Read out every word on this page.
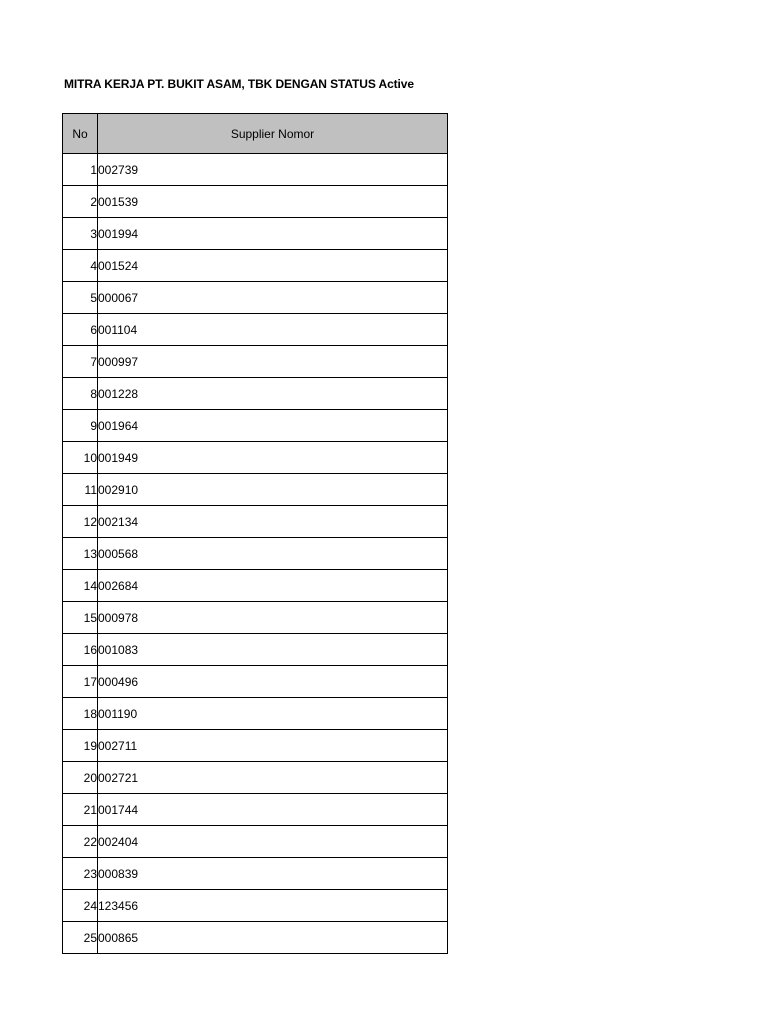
MITRA KERJA PT. BUKIT ASAM, TBK DENGAN STATUS Active
No	Supplier Nomor
1	002739
2	001539
3	001994
4	001524
5	000067
6	001104
7	000997
8	001228
9	001964
10	001949
11	002910
12	002134
13	000568
14	002684
15	000978
16	001083
17	000496
18	001190
19	002711
20	002721
21	001744
22	002404
23	000839
24	123456
25	000865
